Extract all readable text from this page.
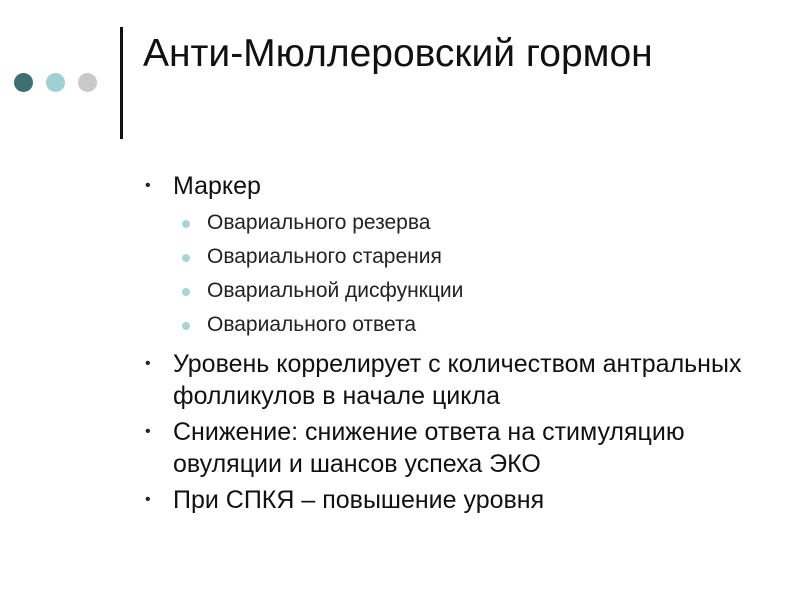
Анти-Мюллеровский гормон
• Маркер
Овариального резерва
Овариального старения
Овариальной дисфункции
Овариального ответа
• Уровень коррелирует с количеством антральных фолликулов в начале цикла
• Снижение: снижение ответа на стимуляцию овуляции и шансов успеха ЭКО
• При СПКЯ – повышение уровня
